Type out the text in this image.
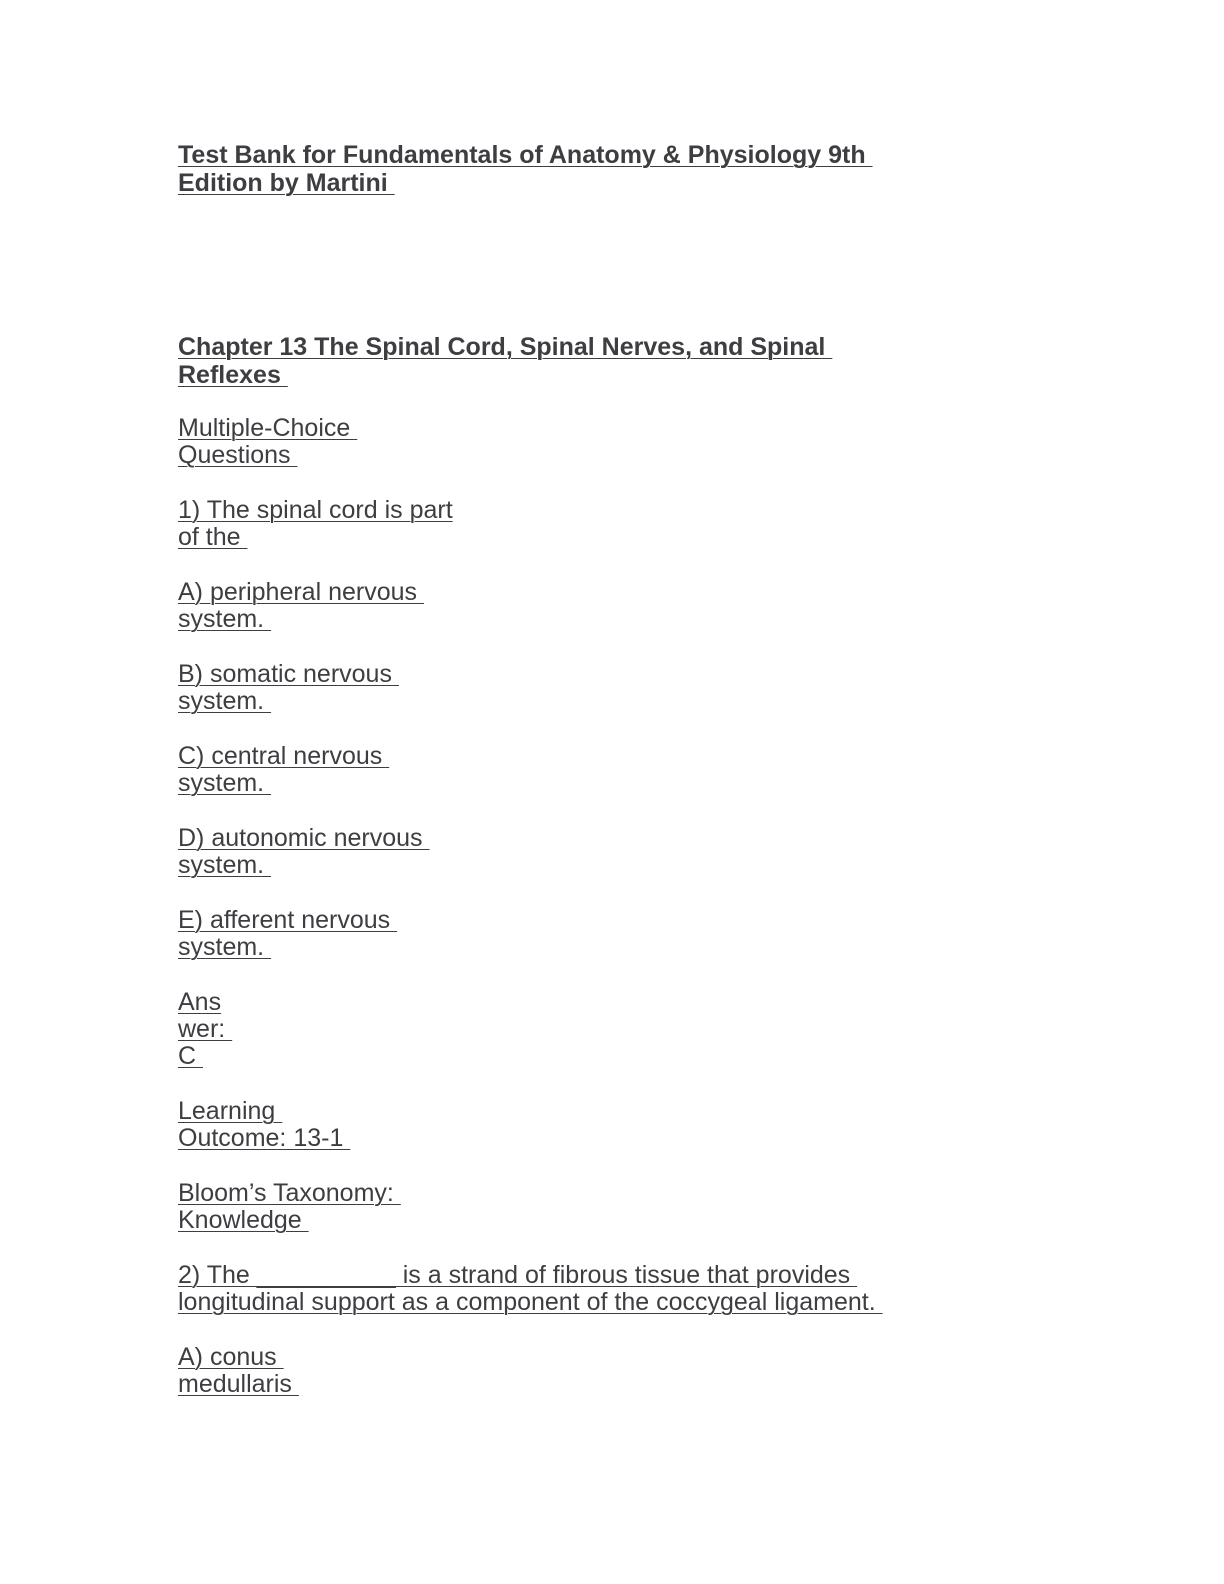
Test Bank for Fundamentals of Anatomy & Physiology 9th
Edition by Martini
Chapter 13 The Spinal Cord, Spinal Nerves, and Spinal
Reflexes
Multiple-Choice
Questions
1) The spinal cord is part
of the
A) peripheral nervous
system.
B) somatic nervous
system.
C) central nervous
system.
D) autonomic nervous
system.
E) afferent nervous
system.
Ans
wer:
C
Learning
Outcome: 13-1
Bloom’s Taxonomy:
Knowledge
2) The __________ is a strand of fibrous tissue that provides
longitudinal support as a component of the coccygeal ligament.
A) conus
medullaris
